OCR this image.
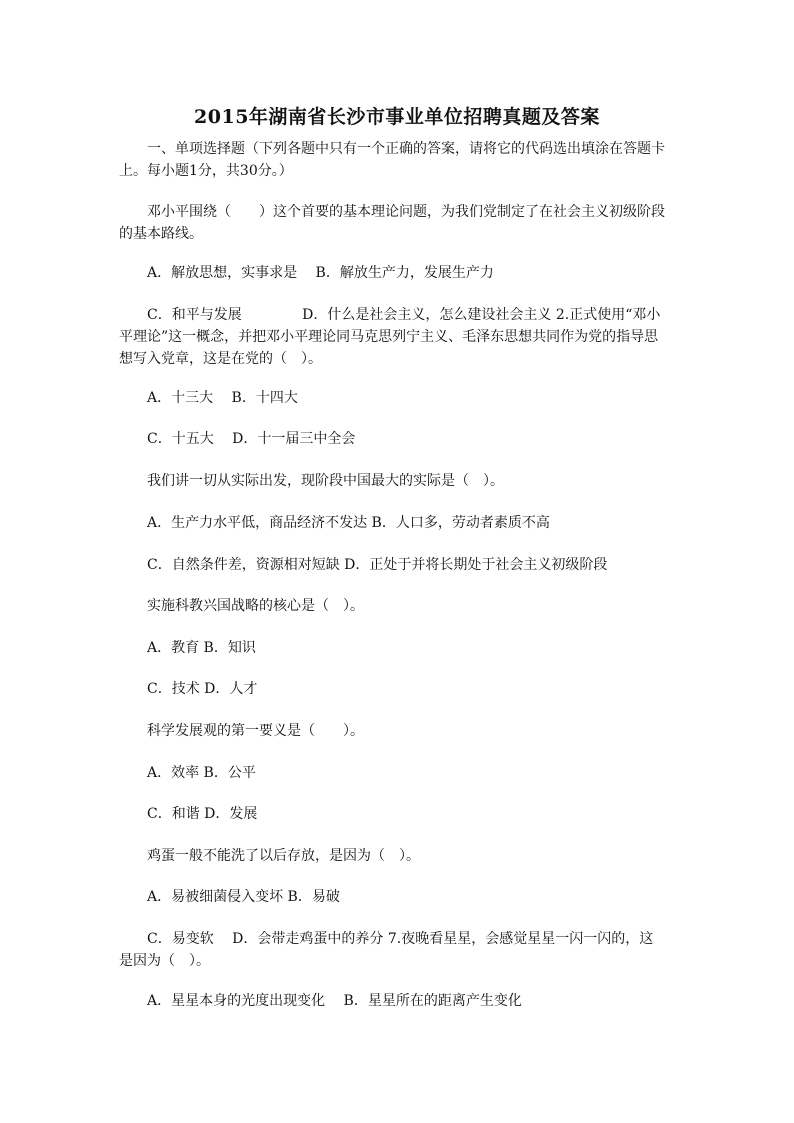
2015年湖南省长沙市事业单位招聘真题及答案

一、单项选择题（下列各题中只有一个正确的答案，请将它的代码选出填涂在答题卡上。每小题1分，共30分。）

邓小平围绕（　　）这个首要的基本理论问题，为我们党制定了在社会主义初级阶段的基本路线。

A．解放思想，实事求是　 B．解放生产力，发展生产力

C．和平与发展　　　　 D．什么是社会主义，怎么建设社会主义 2.正式使用“邓小平理论”这一概念，并把邓小平理论同马克思列宁主义、毛泽东思想共同作为党的指导思想写入党章，这是在党的（　）。

A．十三大　 B．十四大

C．十五大　 D．十一届三中全会

我们讲一切从实际出发，现阶段中国最大的实际是（　）。

A．生产力水平低，商品经济不发达 B．人口多，劳动者素质不高

C．自然条件差，资源相对短缺 D．正处于并将长期处于社会主义初级阶段

实施科教兴国战略的核心是（　）。

A．教育 B．知识

C．技术 D．人才

科学发展观的第一要义是（　　）。

A．效率 B．公平

C．和谐 D．发展

鸡蛋一般不能洗了以后存放，是因为（　）。

A．易被细菌侵入变坏 B．易破

C．易变软　 D．会带走鸡蛋中的养分 7.夜晚看星星，会感觉星星一闪一闪的，这是因为（　）。

A．星星本身的光度出现变化　 B．星星所在的距离产生变化
